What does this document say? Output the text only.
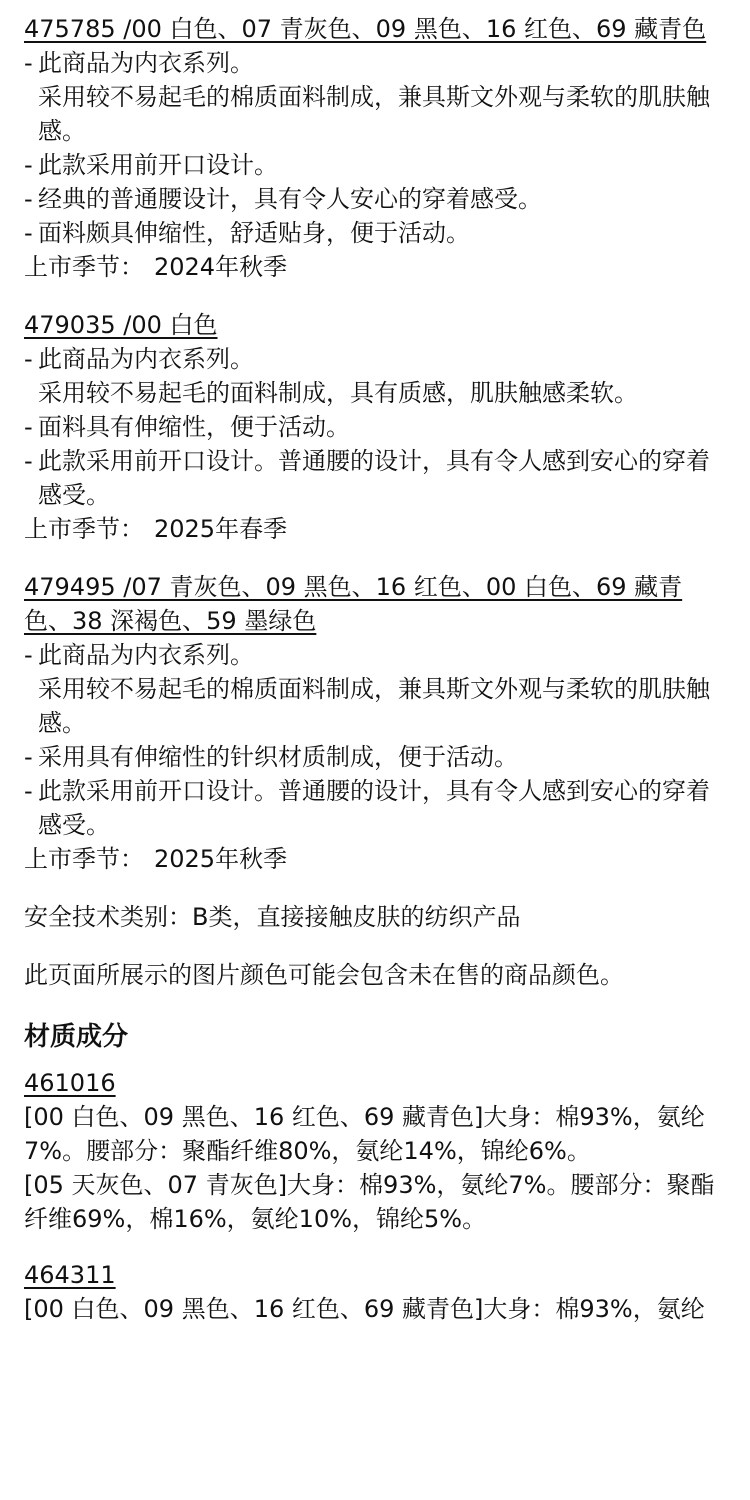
475785 /00 白色、07 青灰色、09 黑色、16 红色、69 藏青色
- 此商品为内衣系列。
采用较不易起毛的棉质面料制成，兼具斯文外观与柔软的肌肤触感。
- 此款采用前开口设计。
- 经典的普通腰设计，具有令人安心的穿着感受。
- 面料颇具伸缩性，舒适贴身，便于活动。
上市季节： 2024年秋季
479035 /00 白色
- 此商品为内衣系列。
采用较不易起毛的面料制成，具有质感，肌肤触感柔软。
- 面料具有伸缩性，便于活动。
- 此款采用前开口设计。普通腰的设计，具有令人感到安心的穿着感受。
上市季节： 2025年春季
479495 /07 青灰色、09 黑色、16 红色、00 白色、69 藏青色、38 深褐色、59 墨绿色
- 此商品为内衣系列。
采用较不易起毛的棉质面料制成，兼具斯文外观与柔软的肌肤触感。
- 采用具有伸缩性的针织材质制成，便于活动。
- 此款采用前开口设计。普通腰的设计，具有令人感到安心的穿着感受。
上市季节： 2025年秋季
安全技术类别：B类，直接接触皮肤的纺织产品
此页面所展示的图片颜色可能会包含未在售的商品颜色。
材质成分
461016
[00 白色、09 黑色、16 红色、69 藏青色]大身：棉93%，氨纶7%。腰部分：聚酯纤维80%，氨纶14%，锦纶6%。
[05 天灰色、07 青灰色]大身：棉93%，氨纶7%。腰部分：聚酯纤维69%，棉16%，氨纶10%，锦纶5%。
464311
[00 白色、09 黑色、16 红色、69 藏青色]大身：棉93%，氨纶
